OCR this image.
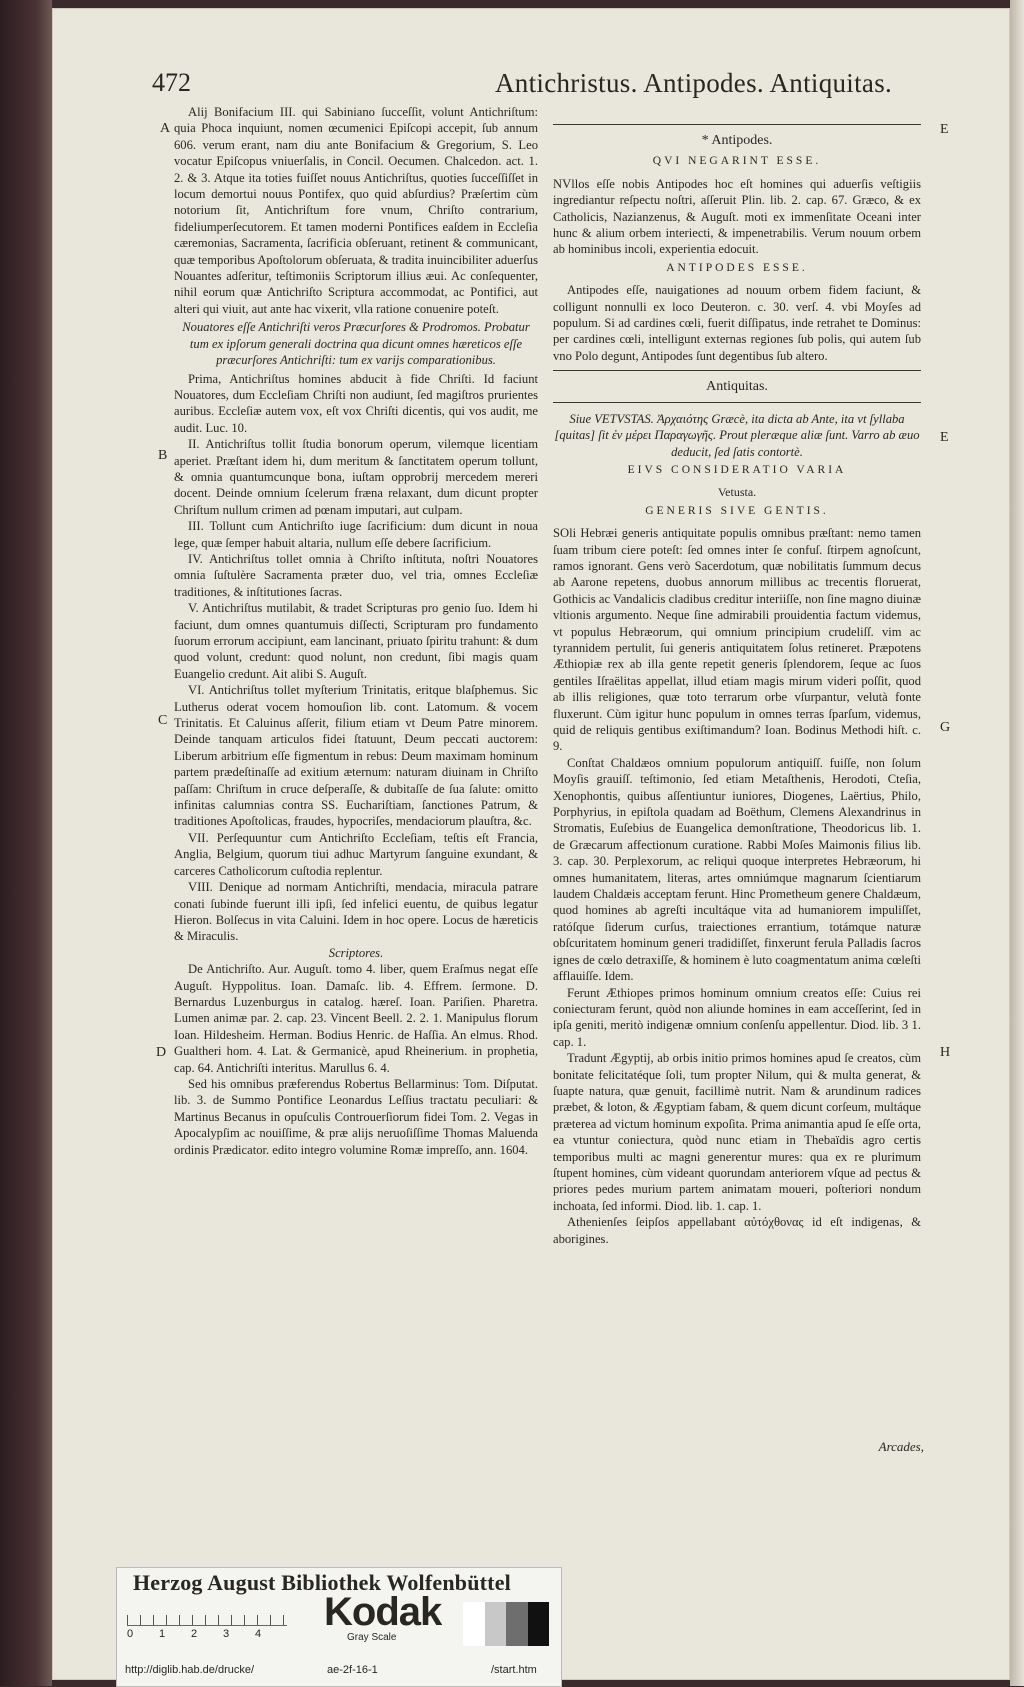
472	Antichristus. Antipodes. Antiquitas.
A
B
C
D
E
E
G
H

Alij Bonifacium III. qui Sabiniano ſucceſſit, volunt Antichriſtum: quia Phoca inquiunt, nomen œcumenici Epiſcopi accepit, ſub annum 606. verum erant, nam diu ante Bonifacium & Gregorium, S. Leo vocatur Epiſcopus vniuerſalis, in Concil. Oecumen. Chalcedon. act. 1. 2. & 3. Atque ita toties fuiſſet nouus Antichriſtus, quoties ſucceſſiſſet in locum demortui nouus Pontifex, quo quid abſurdius? Præſertim cùm notorium ſit, Antichriſtum fore vnum, Chriſto contrarium, fideliumperſecutorem. Et tamen moderni Pontifices eaſdem in Eccleſia cæremonias, Sacramenta, ſacrificia obſeruant, retinent & communicant, quæ temporibus Apoſtolorum obſeruata, & tradita inuincibiliter aduerſus Nouantes adſeritur, teſtimoniis Scriptorum illius æui. Ac conſequenter, nihil eorum quæ Antichriſto Scriptura accommodat, ac Pontifici, aut alteri qui viuit, aut ante hac vixerit, vlla ratione conuenire poteſt.

Nouatores eſſe Antichriſti veros Præcurſores & Prodromos. Probatur tum ex ipſorum generali doctrina qua dicunt omnes hæreticos eſſe præcurſores Antichriſti: tum ex varijs comparationibus.

Prima, Antichriſtus homines abducit à fide Chriſti. Id faciunt Nouatores, dum Eccleſiam Chriſti non audiunt, ſed magiſtros prurientes auribus. Eccleſiæ autem vox, eſt vox Chriſti dicentis, qui vos audit, me audit. Luc. 10.

II. Antichriſtus tollit ſtudia bonorum operum, vilemque licentiam aperiet. Præſtant idem hi, dum meritum & ſanctitatem operum tollunt, & omnia quantumcunque bona, iuſtam opprobrij mercedem mereri docent. Deinde omnium ſcelerum fræna relaxant, dum dicunt propter Chriſtum nullum crimen ad pœnam imputari, aut culpam.

III. Tollunt cum Antichriſto iuge ſacrificium: dum dicunt in noua lege, quæ ſemper habuit altaria, nullum eſſe debere ſacrificium.

IV. Antichriſtus tollet omnia à Chriſto inſtituta, noſtri Nouatores omnia ſuſtulère Sacramenta præter duo, vel tria, omnes Eccleſiæ traditiones, & inſtitutiones ſacras.

V. Antichriſtus mutilabit, & tradet Scripturas pro genio ſuo. Idem hi faciunt, dum omnes quantumuis diſſecti, Scripturam pro fundamento ſuorum errorum accipiunt, eam lancinant, priuato ſpiritu trahunt: & dum quod volunt, credunt: quod nolunt, non credunt, ſibi magis quam Euangelio credunt. Ait alibi S. Auguſt.

VI. Antichriſtus tollet myſterium Trinitatis, eritque blaſphemus. Sic Lutherus oderat vocem homouſion lib. cont. Latomum. & vocem Trinitatis. Et Caluinus aſſerit, filium etiam vt Deum Patre minorem. Deinde tanquam articulos fidei ſtatuunt, Deum peccati auctorem: Liberum arbitrium eſſe figmentum in rebus: Deum maximam hominum partem prædeſtinaſſe ad exitium æternum: naturam diuinam in Chriſto paſſam: Chriſtum in cruce deſperaſſe, & dubitaſſe de ſua ſalute: omitto infinitas calumnias contra SS. Euchariſtiam, ſanctiones Patrum, & traditiones Apoſtolicas, fraudes, hypocriſes, mendaciorum plauſtra, &c.

VII. Perſequuntur cum Antichriſto Eccleſiam, teſtis eſt Francia, Anglia, Belgium, quorum tiui adhuc Martyrum ſanguine exundant, & carceres Catholicorum cuſtodia replentur.

VIII. Denique ad normam Antichriſti, mendacia, miracula patrare conati ſubinde fuerunt illi ipſi, ſed infelici euentu, de quibus legatur Hieron. Bolſecus in vita Caluini. Idem in hoc opere. Locus de hæreticis & Miraculis.

Scriptores.

De Antichriſto. Aur. Auguſt. tomo 4. liber, quem Eraſmus negat eſſe Auguſt. Hyppolitus. Ioan. Damaſc. lib. 4. Effrem. ſermone. D. Bernardus Luzenburgus in catalog. hæreſ. Ioan. Pariſien. Pharetra. Lumen animæ par. 2. cap. 23. Vincent Beell. 2. 2. 1. Manipulus florum Ioan. Hildesheim. Herman. Bodius Henric. de Haſſia. An elmus. Rhod. Gualtheri hom. 4. Lat. & Germanicè, apud Rheinerium. in prophetia, cap. 64. Antichriſti interitus. Marullus 6. 4.

Sed his omnibus præferendus Robertus Bellarminus: Tom. Diſputat. lib. 3. de Summo Pontifice Leonardus Leſſius tractatu peculiari: & Martinus Becanus in opuſculis Controuerſiorum fidei Tom. 2. Vegas in Apocalypſim ac nouiſſime, & præ alijs neruoſiſſime Thomas Maluenda ordinis Prædicator. edito integro volumine Romæ impreſſo, ann. 1604.

* Antipodes.
QVI NEGARINT ESSE.

NVllos eſſe nobis Antipodes hoc eſt homines qui aduerſis veſtigiis ingrediantur reſpectu noſtri, aſſeruit Plin. lib. 2. cap. 67. Græco, & ex Catholicis, Nazianzenus, & Auguſt. moti ex immenſitate Oceani inter hunc & alium orbem interiecti, & impenetrabilis. Verum nouum orbem ab hominibus incoli, experientia edocuit.

ANTIPODES ESSE.

Antipodes eſſe, nauigationes ad nouum orbem fidem faciunt, & colligunt nonnulli ex loco Deuteron. c. 30. verſ. 4. vbi Moyſes ad populum. Si ad cardines cœli, fuerit diſſipatus, inde retrahet te Dominus: per cardines cœli, intelligunt externas regiones ſub polis, qui autem ſub vno Polo degunt, Antipodes ſunt degentibus ſub altero.

Antiquitas.

Siue VETVSTAS. Ἀρχαιότης Græcè, ita dicta ab Ante, ita vt ſyllaba [quitas] ſit ἐν μέρει Παραγωγῆς. Prout pleræque aliæ ſunt. Varro ab æuo deducit, ſed ſatis contortè.

EIVS CONSIDERATIO VARIA
Vetusta.
GENERIS SIVE GENTIS.

SOli Hebræi generis antiquitate populis omnibus præſtant: nemo tamen ſuam tribum ciere poteſt: ſed omnes inter ſe confuſ. ſtirpem agnoſcunt, ramos ignorant. Gens verò Sacerdotum, quæ nobilitatis ſummum decus ab Aarone repetens, duobus annorum millibus ac trecentis floruerat, Gothicis ac Vandalicis cladibus creditur interiiſſe, non ſine magno diuinæ vltionis argumento. Neque ſine admirabili prouidentia factum videmus, vt populus Hebræorum, qui omnium principium crudeliſſ. vim ac tyrannidem pertulit, ſui generis antiquitatem ſolus retineret. Præpotens Æthiopiæ rex ab illa gente repetit generis ſplendorem, ſeque ac ſuos gentiles Iſraëlitas appellat, illud etiam magis mirum videri poſſit, quod ab illis religiones, quæ toto terrarum orbe vſurpantur, velutà fonte fluxerunt. Cùm igitur hunc populum in omnes terras ſparſum, videmus, quid de reliquis gentibus exiſtimandum? Ioan. Bodinus Methodi hiſt. c. 9.

Conſtat Chaldæos omnium populorum antiquiſſ. fuiſſe, non ſolum Moyſis grauiſſ. teſtimonio, ſed etiam Metaſthenis, Herodoti, Cteſia, Xenophontis, quibus aſſentiuntur iuniores, Diogenes, Laërtius, Philo, Porphyrius, in epiſtola quadam ad Boëthum, Clemens Alexandrinus in Stromatis, Euſebius de Euangelica demonſtratione, Theodoricus lib. 1. de Græcarum affectionum curatione. Rabbi Moſes Maimonis filius lib. 3. cap. 30. Perplexorum, ac reliqui quoque interpretes Hebræorum, hi omnes humanitatem, literas, artes omniúmque magnarum ſcientiarum laudem Chaldæis acceptam ferunt. Hinc Prometheum genere Chaldæum, quod homines ab agreſti incultáque vita ad humaniorem impuliſſet, ratóſque ſiderum curſus, traiectiones errantium, totámque naturæ obſcuritatem hominum generi tradidiſſet, finxerunt ferula Palladis ſacros ignes de cœlo detraxiſſe, & hominem è luto coagmentatum anima cœleſti afflauiſſe. Idem.

Ferunt Æthiopes primos hominum omnium creatos eſſe: Cuius rei coniecturam ferunt, quòd non aliunde homines in eam acceſſerint, ſed in ipſa geniti, meritò indigenæ omnium conſenſu appellentur. Diod. lib. 3 1. cap. 1.

Tradunt Ægyptij, ab orbis initio primos homines apud ſe creatos, cùm bonitate felicitatéque ſoli, tum propter Nilum, qui & multa generat, & ſuapte natura, quæ genuit, facillimè nutrit. Nam & arundinum radices præbet, & loton, & Ægyptiam fabam, & quem dicunt corſeum, multáque præterea ad victum hominum expoſita. Prima animantia apud ſe eſſe orta, ea vtuntur coniectura, quòd nunc etiam in Thebaïdis agro certis temporibus multi ac magni generentur mures: qua ex re plurimum ſtupent homines, cùm videant quorundam anteriorem vſque ad pectus & priores pedes murium partem animatam moueri, poſteriori nondum inchoata, ſed informi. Diod. lib. 1. cap. 1.

Athenienſes ſeipſos appellabant αὐτόχθονας id eſt indigenas, & aborigines.

Arcades,
Herzog August Bibliothek Wolfenbüttel
0 1 2 3 4	Kodak
Gray Scale
http://diglib.hab.de/drucke/	ae-2f-16-1	/start.htm
